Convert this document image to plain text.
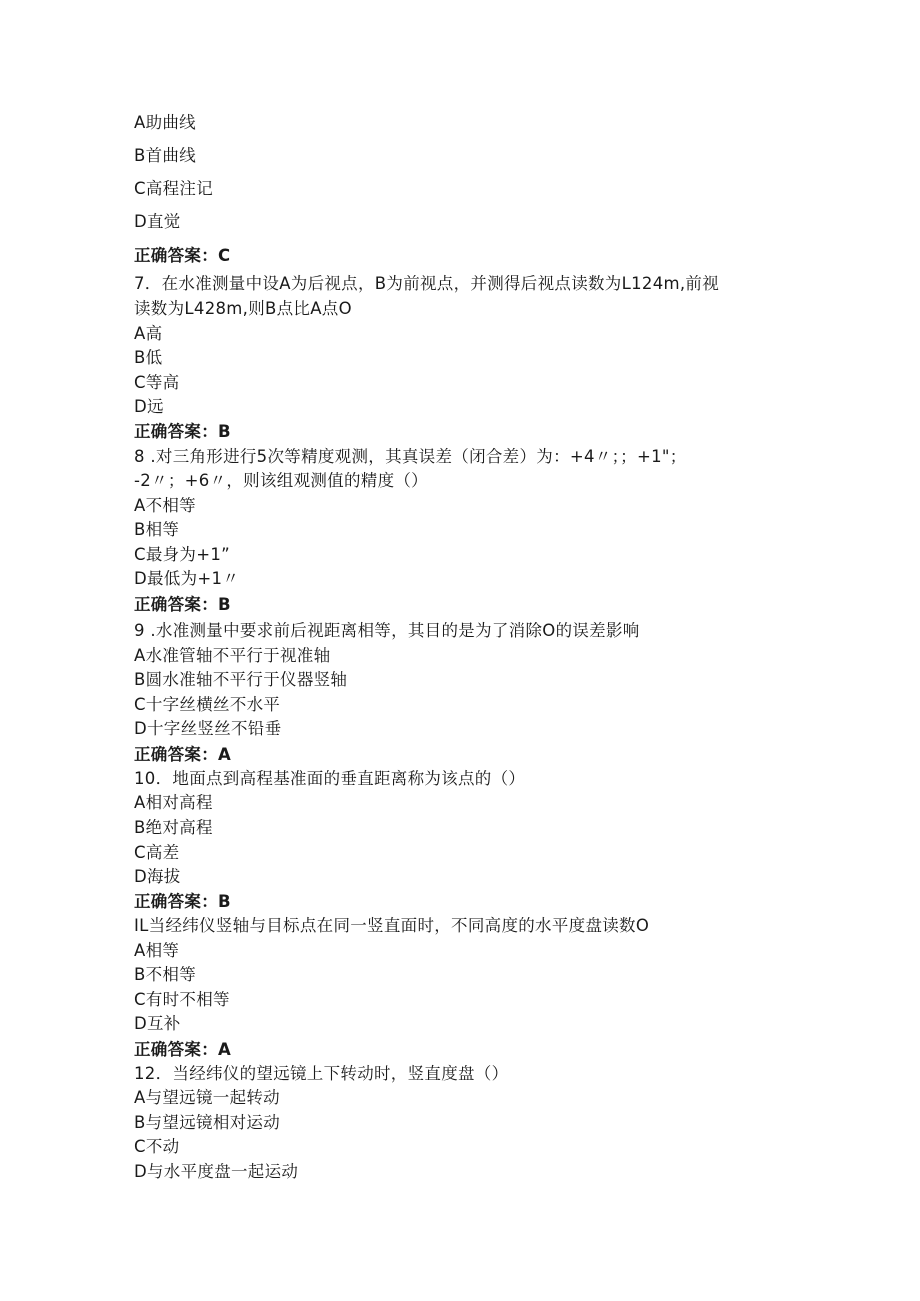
A助曲线
B首曲线
C高程注记
D直觉
正确答案：C
7．在水准测量中设A为后视点，B为前视点，并测得后视点读数为L124m,前视
读数为L428m,则B点比A点O
A高
B低
C等高
D远
正确答案：B
8 .对三角形进行5次等精度观测，其真误差（闭合差）为：+4〃；；+1"；
-2〃；+6〃，则该组观测值的精度（）
A不相等
B相等
C最身为+1”
D最低为+1〃
正确答案：B
9 .水准测量中要求前后视距离相等，其目的是为了消除O的误差影响
A水准管轴不平行于视准轴
B圆水准轴不平行于仪器竖轴
C十字丝横丝不水平
D十字丝竖丝不铅垂
正确答案：A
10．地面点到高程基准面的垂直距离称为该点的（）
A相对高程
B绝对高程
C高差
D海拔
正确答案：B
IL当经纬仪竖轴与目标点在同一竖直面时，不同高度的水平度盘读数O
A相等
B不相等
C有时不相等
D互补
正确答案：A
12．当经纬仪的望远镜上下转动时，竖直度盘（）
A与望远镜一起转动
B与望远镜相对运动
C不动
D与水平度盘一起运动
